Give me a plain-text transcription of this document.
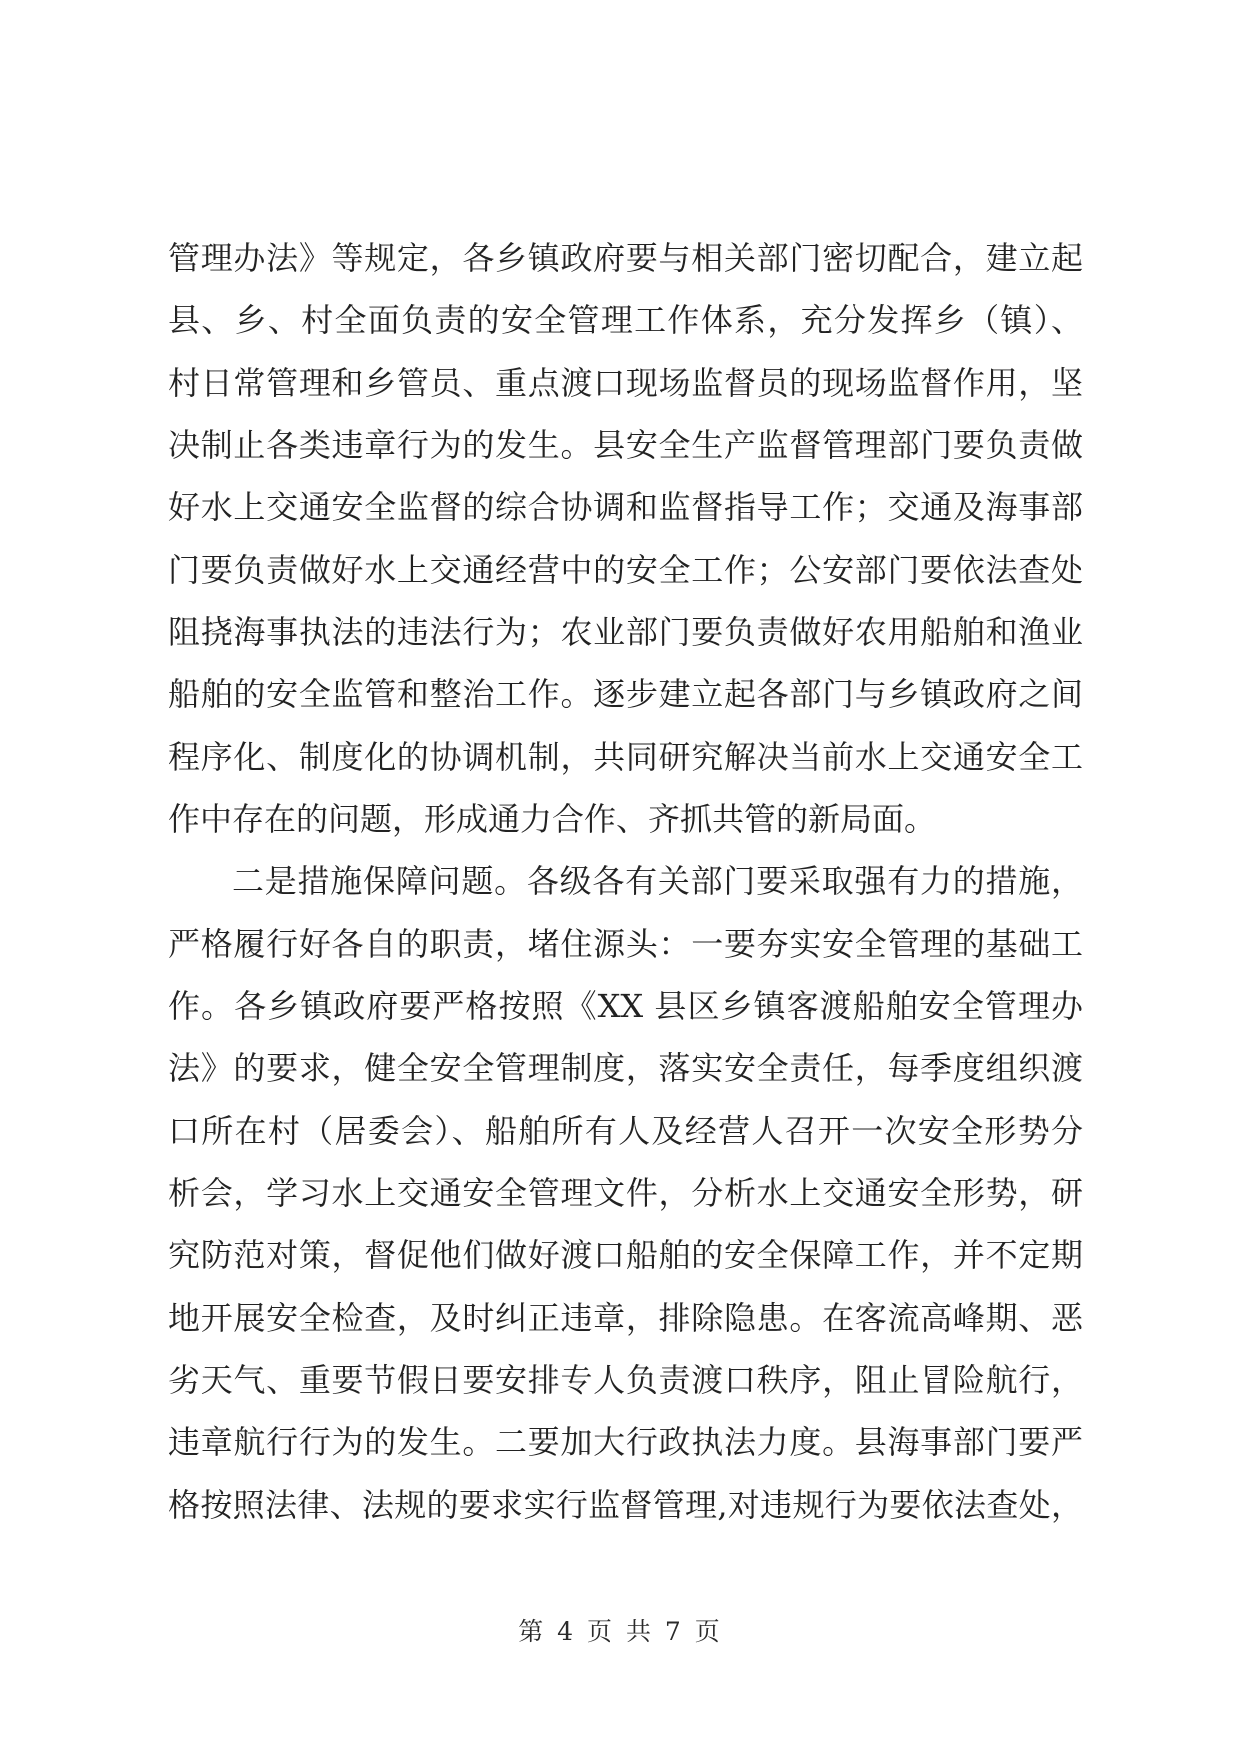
管理办法》等规定，各乡镇政府要与相关部门密切配合，建立起
县、乡、村全面负责的安全管理工作体系，充分发挥乡（镇）、
村日常管理和乡管员、重点渡口现场监督员的现场监督作用，坚
决制止各类违章行为的发生。县安全生产监督管理部门要负责做
好水上交通安全监督的综合协调和监督指导工作；交通及海事部
门要负责做好水上交通经营中的安全工作；公安部门要依法查处
阻挠海事执法的违法行为；农业部门要负责做好农用船舶和渔业
船舶的安全监管和整治工作。逐步建立起各部门与乡镇政府之间
程序化、制度化的协调机制，共同研究解决当前水上交通安全工
作中存在的问题，形成通力合作、齐抓共管的新局面。
二是措施保障问题。各级各有关部门要采取强有力的措施，
严格履行好各自的职责，堵住源头：一要夯实安全管理的基础工
作。各乡镇政府要严格按照《XX 县区乡镇客渡船舶安全管理办
法》的要求，健全安全管理制度，落实安全责任，每季度组织渡
口所在村（居委会）、船舶所有人及经营人召开一次安全形势分
析会，学习水上交通安全管理文件，分析水上交通安全形势，研
究防范对策，督促他们做好渡口船舶的安全保障工作，并不定期
地开展安全检查，及时纠正违章，排除隐患。在客流高峰期、恶
劣天气、重要节假日要安排专人负责渡口秩序，阻止冒险航行，
违章航行行为的发生。二要加大行政执法力度。县海事部门要严
格按照法律、法规的要求实行监督管理,对违规行为要依法查处，
第 4 页 共 7 页
